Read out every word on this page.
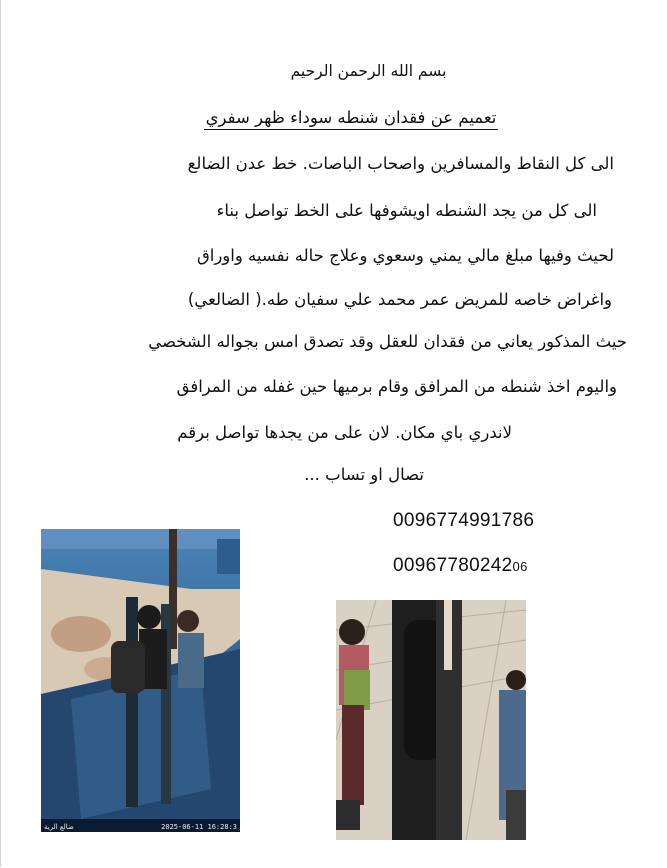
بسم الله الرحمن الرحيم
تعميم عن فقدان شنطه سوداء ظهر سفري
الى كل النقاط والمسافرين واصحاب الباصات. خط عدن الضالع
الى كل من يجد الشنطه اويشوفها على الخط تواصل بناء
لحيث وفيها مبلغ مالي يمني وسعوي وعلاج حاله نفسيه واوراق
واغراض خاصه للمريض عمر محمد علي سفيان طه.( الضالعي)
حيث المذكور يعاني من فقدان للعقل وقد تصدق امس بجواله الشخصي
واليوم اخذ شنطه من المرافق وقام برميها حين غفله من المرافق
لاندري باي مكان. لان على من يجدها تواصل برقم
تصال او تساب ...
0096774991786
0096778024206
ضالع الرية	2025-06-11 16:28:3
